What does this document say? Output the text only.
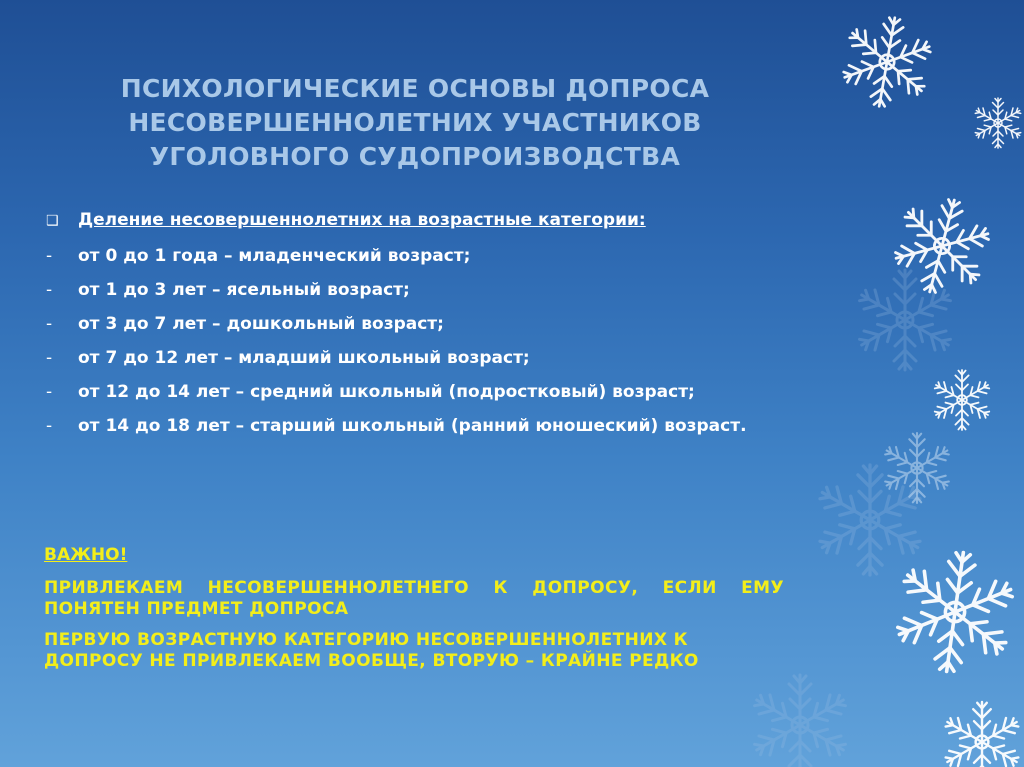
ПСИХОЛОГИЧЕСКИЕ ОСНОВЫ ДОПРОСА
НЕСОВЕРШЕННОЛЕТНИХ УЧАСТНИКОВ
УГОЛОВНОГО СУДОПРОИЗВОДСТВА
❑	Деление несовершеннолетних на возрастные категории:
-	от 0 до 1 года – младенческий возраст;
-	от 1 до 3 лет – ясельный возраст;
-	от 3 до 7 лет – дошкольный возраст;
-	от 7 до 12 лет – младший школьный возраст;
-	от 12 до 14 лет – средний школьный (подростковый) возраст;
-	от 14 до 18 лет – старший школьный (ранний юношеский) возраст.
ВАЖНО!
ПРИВЛЕКАЕМ НЕСОВЕРШЕННОЛЕТНЕГО К ДОПРОСУ, ЕСЛИ ЕМУ ПОНЯТЕН ПРЕДМЕТ ДОПРОСА
ПЕРВУЮ ВОЗРАСТНУЮ КАТЕГОРИЮ НЕСОВЕРШЕННОЛЕТНИХ К ДОПРОСУ НЕ ПРИВЛЕКАЕМ ВООБЩЕ, ВТОРУЮ – КРАЙНЕ РЕДКО
